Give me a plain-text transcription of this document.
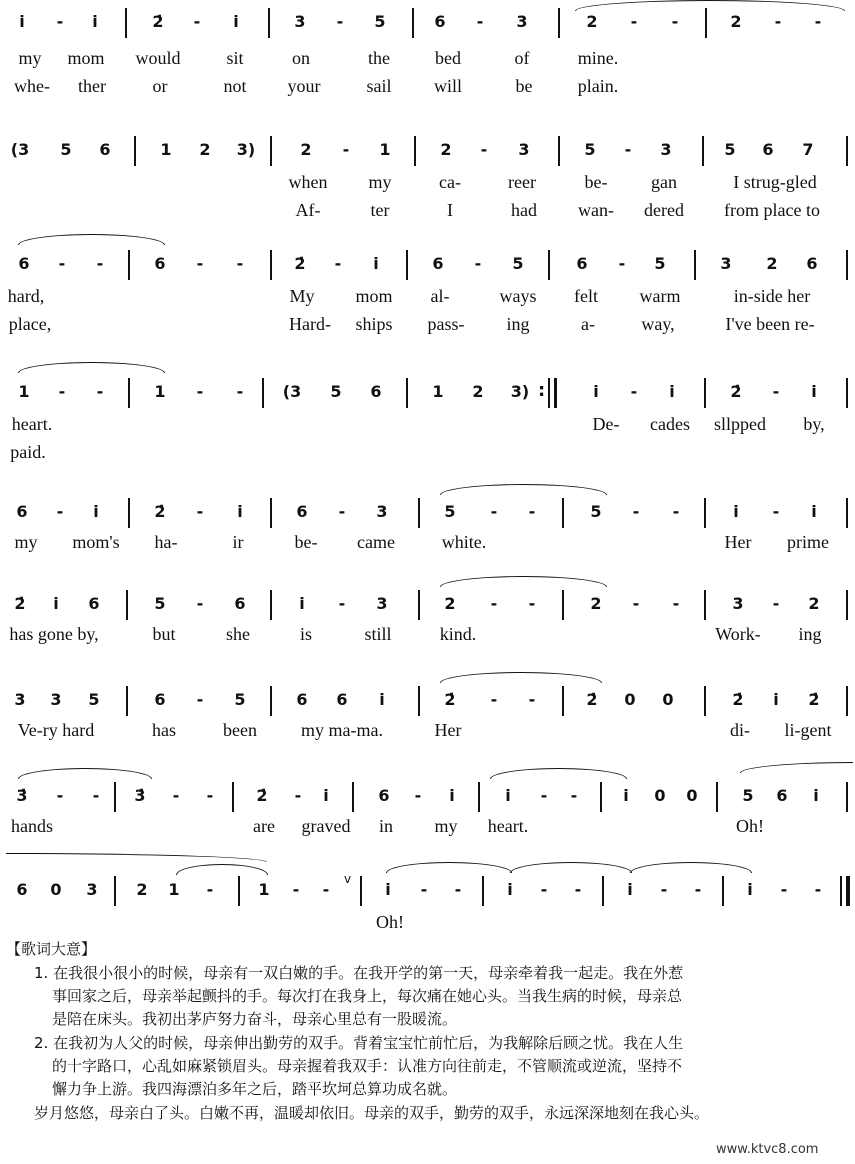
i - i	2̇ - i	3 - 5	6 - 3	2 - -	2 - -
my mom would	sit	on	the	bed	of	mine.
whe- ther	or	not your	sail will	be	plain.
(3 5 6	1 2 3)	2 - 1	2 - 3	5 - 3	5 6 7
when my	ca-	reer	be- gan	I strug-gled
Af-	ter	I	had wan- dered from place to
6 - -	6 - -	2̇ - i	6 - 5	6 - 5	3 2 6
hard,	My mom al-	ways felt warm	in-side her
place,	Hard- ships pass- ing	a-	way,	I've been re-
1 - -	1 - - (3 5 6	1 2 3) :	i - i	2̇ - i
heart.	De- cades sllpped by,
paid.
6 - i	2̇ - i	6 - 3	5 - -	5 - -	i - i
my mom's ha-	ir	be- came	white.	Her prime
2̇ i 6	5 - 6	i - 3	2 - -	2 - -	3 - 2
has gone by,	but	she	is	still	kind.	Work- ing
3 3 5	6 - 5	6 6 i	2̇ - -	2̇ 0 0	2̇ i 2̇
Ve-ry hard	has	been my ma-ma.	Her	di- li-gent
3̇ - - 3̇ - -	2̇ - i	6 - i	i - -	i 0 0	5 6 i
hands	are graved in my heart.	Oh!
6 0 3 2 1 -	1 - -
v
i - -	i - -	i - -	i - -
Oh!
【歌词大意】
1. 在我很小很小的时候，母亲有一双白嫩的手。在我开学的第一天，母亲牵着我一起走。我在外惹
事回家之后，母亲举起颤抖的手。每次打在我身上，每次痛在她心头。当我生病的时候，母亲总
是陪在床头。我初出茅庐努力奋斗，母亲心里总有一股暖流。
2. 在我初为人父的时候，母亲伸出勤劳的双手。背着宝宝忙前忙后，为我解除后顾之忧。我在人生
的十字路口，心乱如麻紧锁眉头。母亲握着我双手：认准方向往前走，不管顺流或逆流，坚持不
懈力争上游。我四海漂泊多年之后，踏平坎坷总算功成名就。
岁月悠悠，母亲白了头。白嫩不再，温暖却依旧。母亲的双手，勤劳的双手，永远深深地刻在我心头。
www.ktvc8.com
